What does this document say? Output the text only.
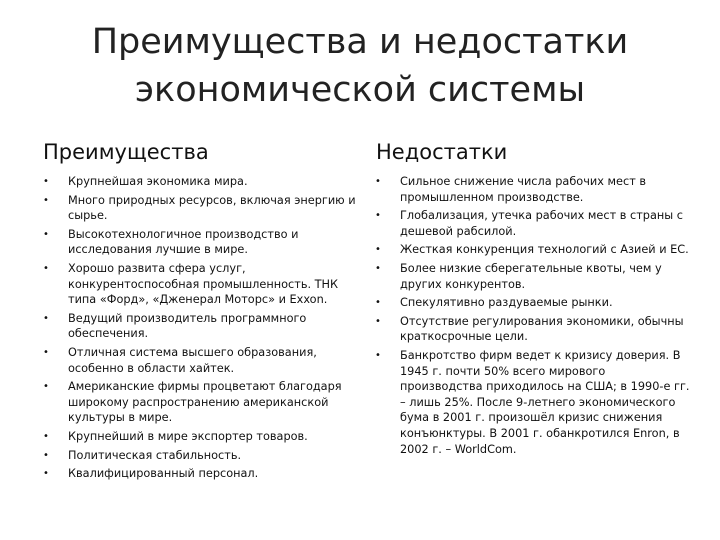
Преимущества и недостатки
экономической системы
Преимущества	Недостатки
• Крупнейшая экономика мира.
• Много природных ресурсов, включая энергию и сырье.
• Высокотехнологичное производство и исследования лучшие в мире.
• Хорошо развита сфера услуг, конкурентоспособная промышленность. ТНК типа «Форд», «Дженерал Моторс» и Exxon.
• Ведущий производитель программного обеспечения.
• Отличная система высшего образования, особенно в области хайтек.
• Американские фирмы процветают благодаря широкому распространению американской культуры в мире.
• Крупнейший в мире экспортер товаров.
• Политическая стабильность.
• Квалифицированный персонал.
• Сильное снижение числа рабочих мест в промышленном производстве.
• Глобализация, утечка рабочих мест в страны с дешевой рабсилой.
• Жесткая конкуренция технологий с Азией и ЕС.
• Более низкие сберегательные квоты, чем у других конкурентов.
• Спекулятивно раздуваемые рынки.
• Отсутствие регулирования экономики, обычны краткосрочные цели.
• Банкротство фирм ведет к кризису доверия. В 1945 г. почти 50% всего мирового производства приходилось на США; в 1990-е гг. – лишь 25%. После 9-летнего экономического бума в 2001 г. произошёл кризис снижения конъюнктуры. В 2001 г. обанкротился Enron, в 2002 г. – WorldCom.
